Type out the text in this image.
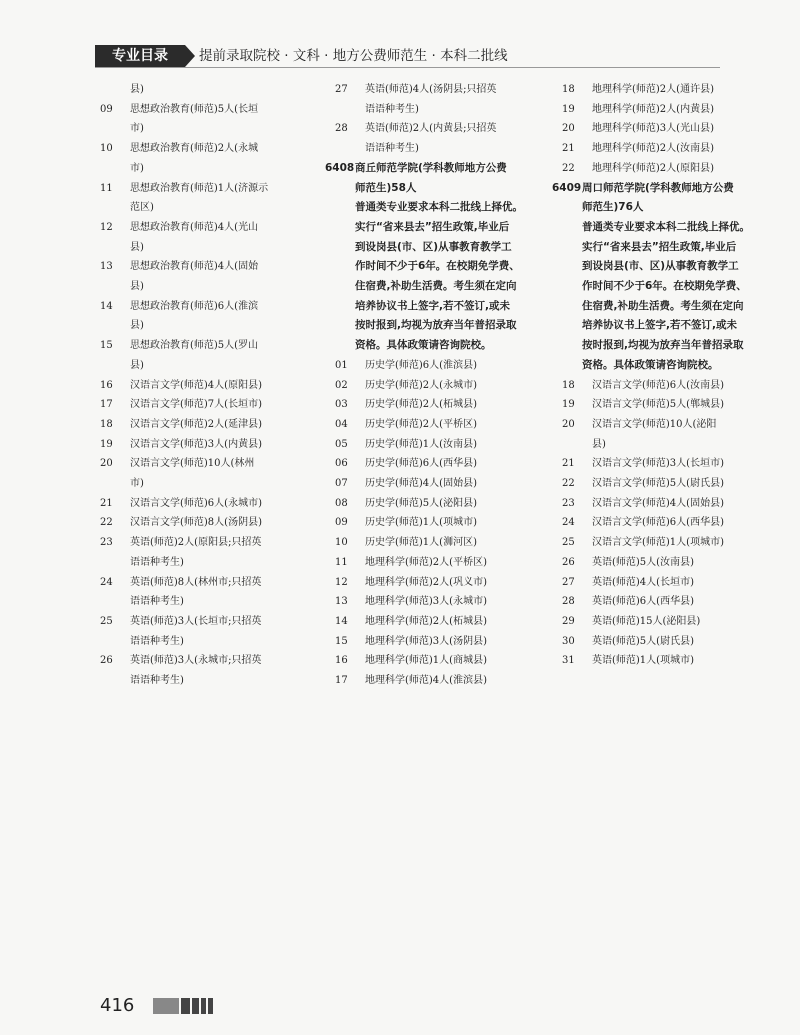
专业目录	提前录取院校 · 文科 · 地方公费师范生 · 本科二批线
县)
09	思想政治教育(师范)5人(长垣
市)
10	思想政治教育(师范)2人(永城
市)
11	思想政治教育(师范)1人(济源示
范区)
12	思想政治教育(师范)4人(光山
县)
13	思想政治教育(师范)4人(固始
县)
14	思想政治教育(师范)6人(淮滨
县)
15	思想政治教育(师范)5人(罗山
县)
16	汉语言文学(师范)4人(原阳县)
17	汉语言文学(师范)7人(长垣市)
18	汉语言文学(师范)2人(延津县)
19	汉语言文学(师范)3人(内黄县)
20	汉语言文学(师范)10人(林州
市)
21	汉语言文学(师范)6人(永城市)
22	汉语言文学(师范)8人(汤阴县)
23	英语(师范)2人(原阳县;只招英
语语种考生)
24	英语(师范)8人(林州市;只招英
语语种考生)
25	英语(师范)3人(长垣市;只招英
语语种考生)
26	英语(师范)3人(永城市;只招英
语语种考生)
27	英语(师范)4人(汤阴县;只招英
语语种考生)
28	英语(师范)2人(内黄县;只招英
语语种考生)
6408 商丘师范学院(学科教师地方公费
师范生)58人
普通类专业要求本科二批线上择优。
实行“省来县去”招生政策,毕业后
到设岗县(市、区)从事教育教学工
作时间不少于6年。在校期免学费、
住宿费,补助生活费。考生须在定向
培养协议书上签字,若不签订,或未
按时报到,均视为放弃当年普招录取
资格。具体政策请咨询院校。
01	历史学(师范)6人(淮滨县)
02	历史学(师范)2人(永城市)
03	历史学(师范)2人(柘城县)
04	历史学(师范)2人(平桥区)
05	历史学(师范)1人(汝南县)
06	历史学(师范)6人(西华县)
07	历史学(师范)4人(固始县)
08	历史学(师范)5人(泌阳县)
09	历史学(师范)1人(项城市)
10	历史学(师范)1人(浉河区)
11	地理科学(师范)2人(平桥区)
12	地理科学(师范)2人(巩义市)
13	地理科学(师范)3人(永城市)
14	地理科学(师范)2人(柘城县)
15	地理科学(师范)3人(汤阴县)
16	地理科学(师范)1人(商城县)
17	地理科学(师范)4人(淮滨县)
18	地理科学(师范)2人(通许县)
19	地理科学(师范)2人(内黄县)
20	地理科学(师范)3人(光山县)
21	地理科学(师范)2人(汝南县)
22	地理科学(师范)2人(原阳县)
6409 周口师范学院(学科教师地方公费
师范生)76人
普通类专业要求本科二批线上择优。
实行“省来县去”招生政策,毕业后
到设岗县(市、区)从事教育教学工
作时间不少于6年。在校期免学费、
住宿费,补助生活费。考生须在定向
培养协议书上签字,若不签订,或未
按时报到,均视为放弃当年普招录取
资格。具体政策请咨询院校。
18	汉语言文学(师范)6人(汝南县)
19	汉语言文学(师范)5人(郸城县)
20	汉语言文学(师范)10人(泌阳
县)
21	汉语言文学(师范)3人(长垣市)
22	汉语言文学(师范)5人(尉氏县)
23	汉语言文学(师范)4人(固始县)
24	汉语言文学(师范)6人(西华县)
25	汉语言文学(师范)1人(项城市)
26	英语(师范)5人(汝南县)
27	英语(师范)4人(长垣市)
28	英语(师范)6人(西华县)
29	英语(师范)15人(泌阳县)
30	英语(师范)5人(尉氏县)
31	英语(师范)1人(项城市)
416
